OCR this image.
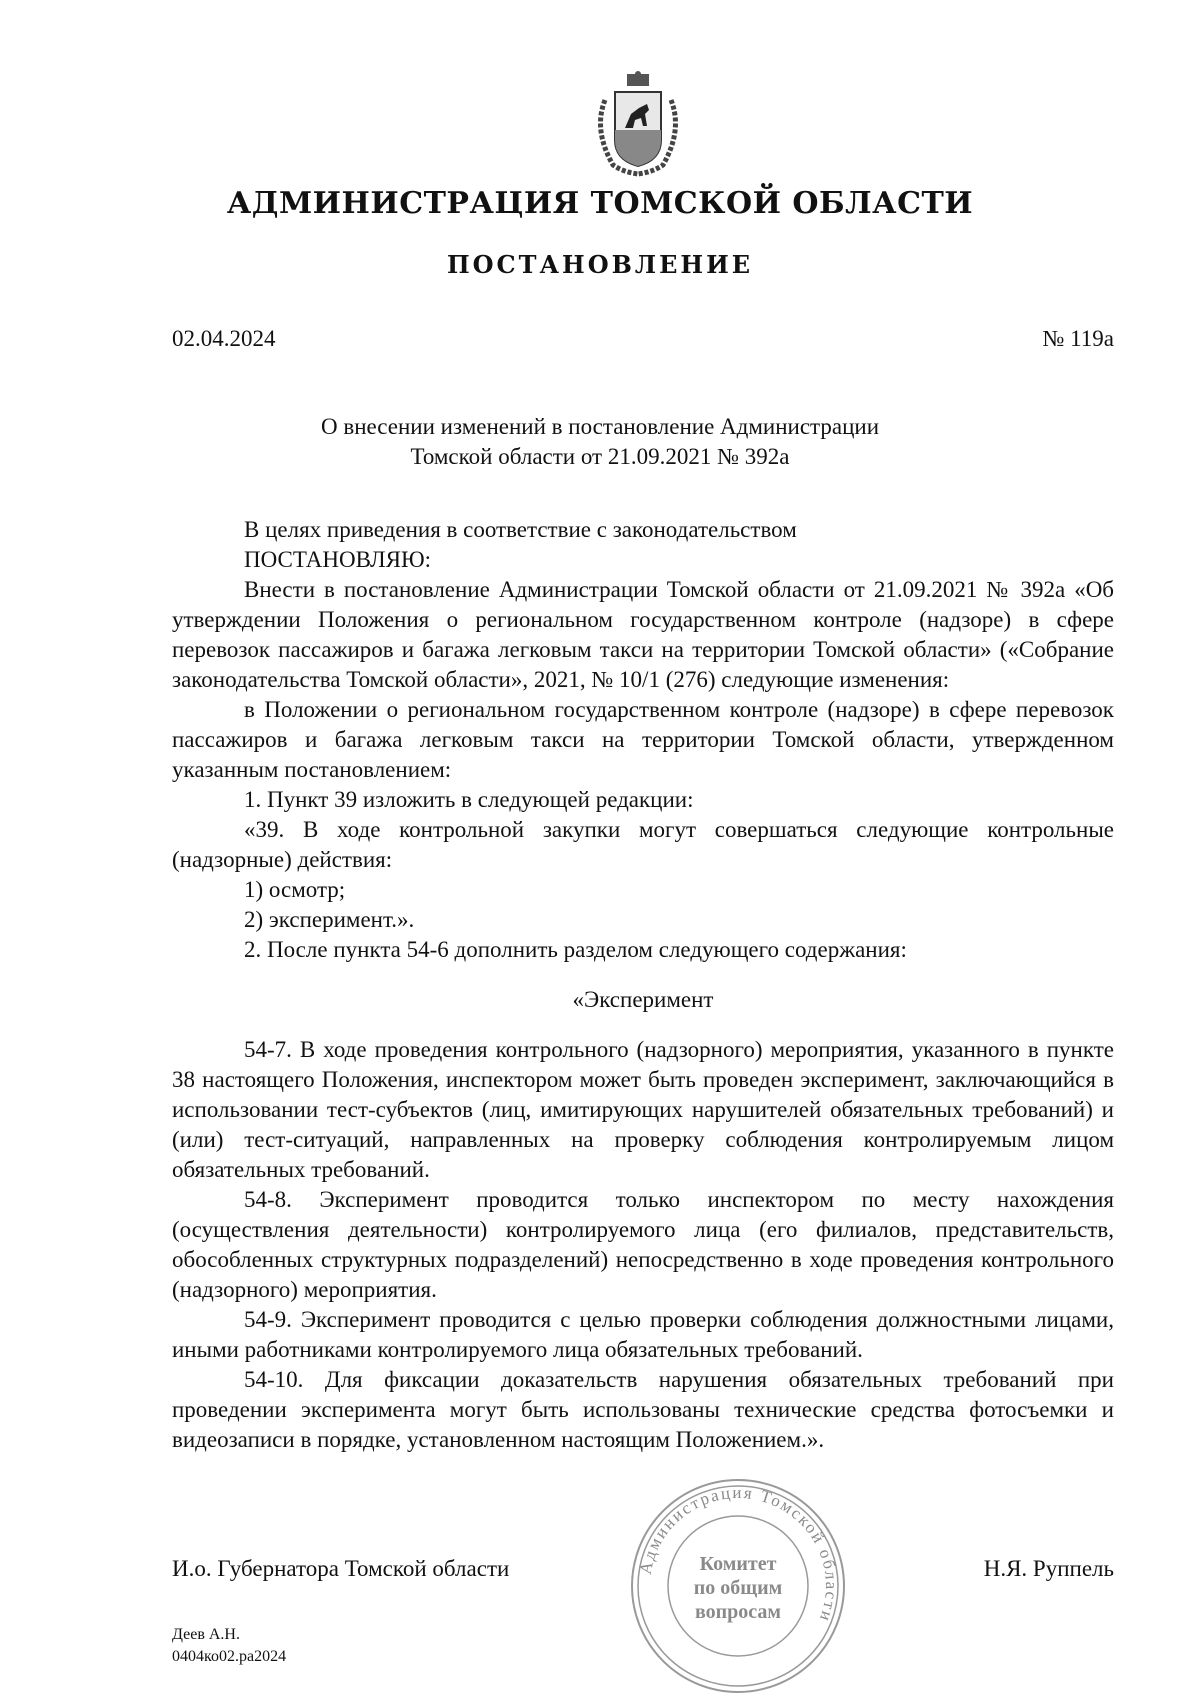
АДМИНИСТРАЦИЯ ТОМСКОЙ ОБЛАСТИ
ПОСТАНОВЛЕНИЕ
02.04.2024	№ 119а
О внесении изменений в постановление Администрации
Томской области от 21.09.2021 № 392а

В целях приведения в соответствие с законодательством

ПОСТАНОВЛЯЮ:

Внести в постановление Администрации Томской области от 21.09.2021 № 392а «Об утверждении Положения о региональном государственном контроле (надзоре) в сфере перевозок пассажиров и багажа легковым такси на территории Томской области» («Собрание законодательства Томской области», 2021, № 10/1 (276) следующие изменения:

в Положении о региональном государственном контроле (надзоре) в сфере перевозок пассажиров и багажа легковым такси на территории Томской области, утвержденном указанным постановлением:

1. Пункт 39 изложить в следующей редакции:

«39. В ходе контрольной закупки могут совершаться следующие контрольные (надзорные) действия:

1) осмотр;

2) эксперимент.».

2. После пункта 54-6 дополнить разделом следующего содержания:

«Эксперимент

54-7. В ходе проведения контрольного (надзорного) мероприятия, указанного в пункте 38 настоящего Положения, инспектором может быть проведен эксперимент, заключающийся в использовании тест-субъектов (лиц, имитирующих нарушителей обязательных требований) и (или) тест-ситуаций, направленных на проверку соблюдения контролируемым лицом обязательных требований.

54-8. Эксперимент проводится только инспектором по месту нахождения (осуществления деятельности) контролируемого лица (его филиалов, представительств, обособленных структурных подразделений) непосредственно в ходе проведения контрольного (надзорного) мероприятия.

54-9. Эксперимент проводится с целью проверки соблюдения должностными лицами, иными работниками контролируемого лица обязательных требований.

54-10. Для фиксации доказательств нарушения обязательных требований при проведении эксперимента могут быть использованы технические средства фотосъемки и видеозаписи в порядке, установленном настоящим Положением.».

Администрация Томской области
Комитет
по общим
вопросам
И.о. Губернатора Томской области	Н.Я. Руппель
Деев А.Н.
0404ко02.ра2024
